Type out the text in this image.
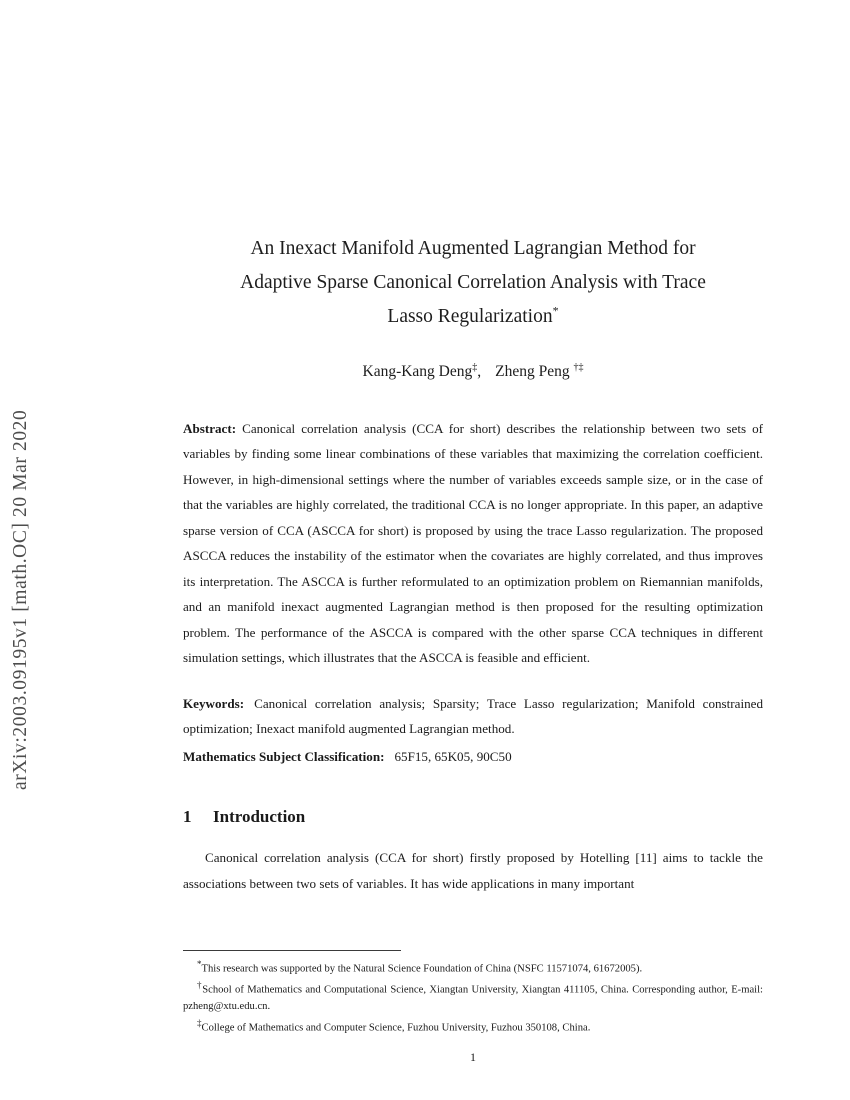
arXiv:2003.09195v1 [math.OC] 20 Mar 2020
An Inexact Manifold Augmented Lagrangian Method for
Adaptive Sparse Canonical Correlation Analysis with Trace
Lasso Regularization*
Kang-Kang Deng‡, Zheng Peng †‡
Abstract: Canonical correlation analysis (CCA for short) describes the relationship between two sets of variables by finding some linear combinations of these variables that maximizing the correlation coefficient. However, in high-dimensional settings where the number of variables exceeds sample size, or in the case of that the variables are highly correlated, the traditional CCA is no longer appropriate. In this paper, an adaptive sparse version of CCA (ASCCA for short) is proposed by using the trace Lasso regularization. The proposed ASCCA reduces the instability of the estimator when the covariates are highly correlated, and thus improves its interpretation. The ASCCA is further reformulated to an optimization problem on Riemannian manifolds, and an manifold inexact augmented Lagrangian method is then proposed for the resulting optimization problem. The performance of the ASCCA is compared with the other sparse CCA techniques in different simulation settings, which illustrates that the ASCCA is feasible and efficient.
Keywords: Canonical correlation analysis; Sparsity; Trace Lasso regularization; Manifold constrained optimization; Inexact manifold augmented Lagrangian method.
Mathematics Subject Classification: 65F15, 65K05, 90C50
1 Introduction
Canonical correlation analysis (CCA for short) firstly proposed by Hotelling [11] aims to tackle the associations between two sets of variables. It has wide applications in many important
*This research was supported by the Natural Science Foundation of China (NSFC 11571074, 61672005).
†School of Mathematics and Computational Science, Xiangtan University, Xiangtan 411105, China. Corresponding author, E-mail: pzheng@xtu.edu.cn.
‡College of Mathematics and Computer Science, Fuzhou University, Fuzhou 350108, China.
1
